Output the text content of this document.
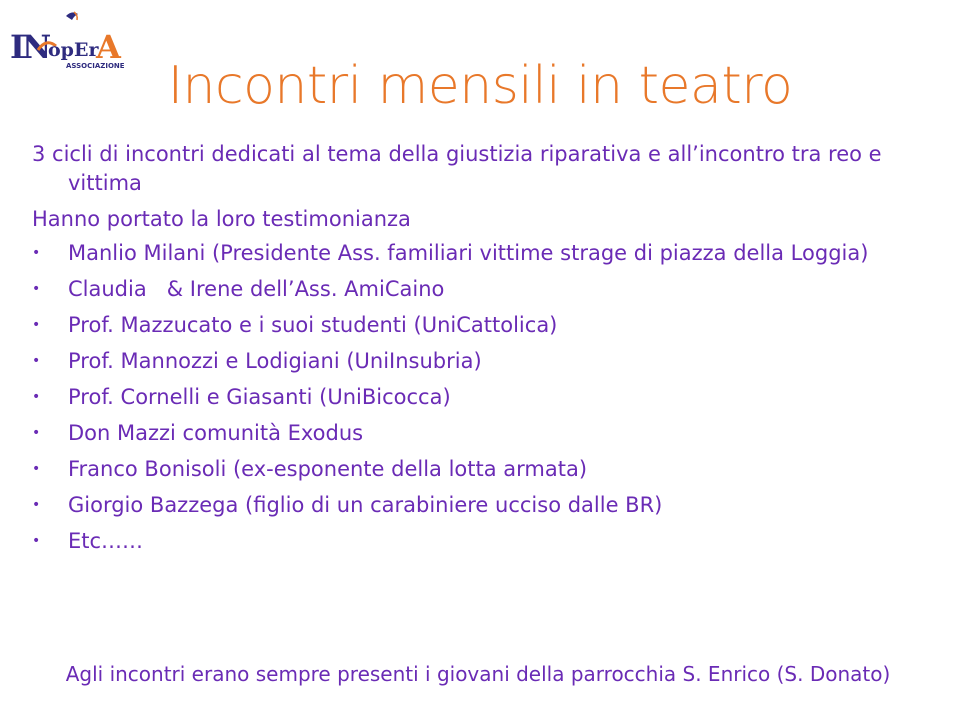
I
N
opEr
A
ASSOCIAZIONE Incontri mensili in teatro

3 cicli di incontri dedicati al tema della giustizia riparativa e all’incontro tra reo e vittima

Hanno portato la loro testimonianza

•	Manlio Milani (Presidente Ass. familiari vittime strage di piazza della Loggia)
•	Claudia   & Irene dell’Ass. AmiCaino
•	Prof. Mazzucato e i suoi studenti (UniCattolica)
•	Prof. Mannozzi e Lodigiani (UniInsubria)
•	Prof. Cornelli e Giasanti (UniBicocca)
•	Don Mazzi comunità Exodus
•	Franco Bonisoli (ex-esponente della lotta armata)
•	Giorgio Bazzega (figlio di un carabiniere ucciso dalle BR)
•	Etc……
Agli incontri erano sempre presenti i giovani della parrocchia S. Enrico (S. Donato)
